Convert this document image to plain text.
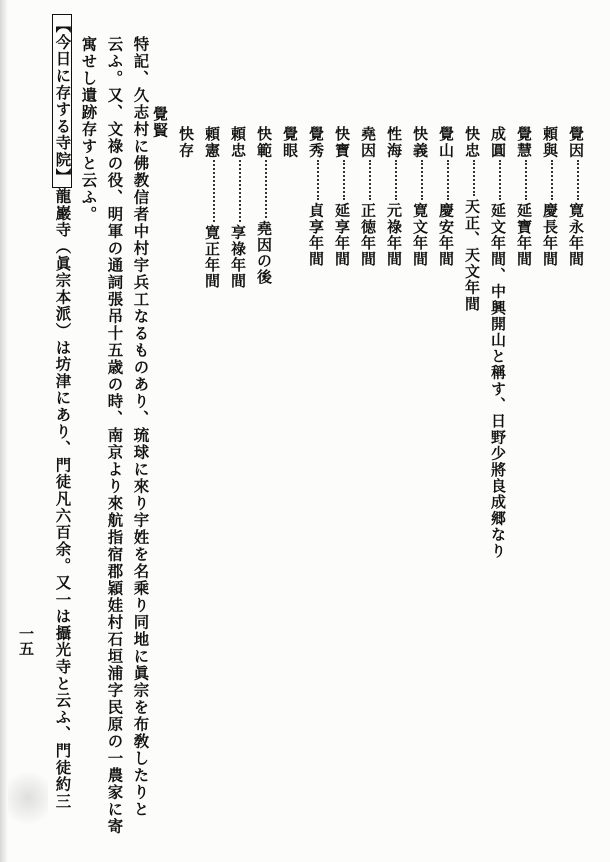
覺因寛永年間
頼與慶長年間
覺慧延寶年間
成圓延文年間、中興開山と稱す、日野少將良成郷なり
快忠天正、天文年間
覺山慶安年間
快義寛文年間
性海元祿年間
堯因正徳年間
快寶延享年間
覺秀貞享年間
覺眼
快範堯因の後
頼忠享祿年間
頼憲寛正年間
快存
覺賢
特記、久志村に佛教信者中村宇兵工なるものあり、琉球に來り宇姓を名乘り同地に眞宗を布敎したりと
云ふ。又、文祿の役、明軍の通詞張吊十五歳の時、南京より來航指宿郡穎娃村石垣浦字民原の一農家に寄
寓せし遺跡存すと云ふ。
【今日に存する寺院】龍巖寺（眞宗本派）は坊津にあり、門徒凡六百余。又一は攝光寺と云ふ、門徒約三
一五
